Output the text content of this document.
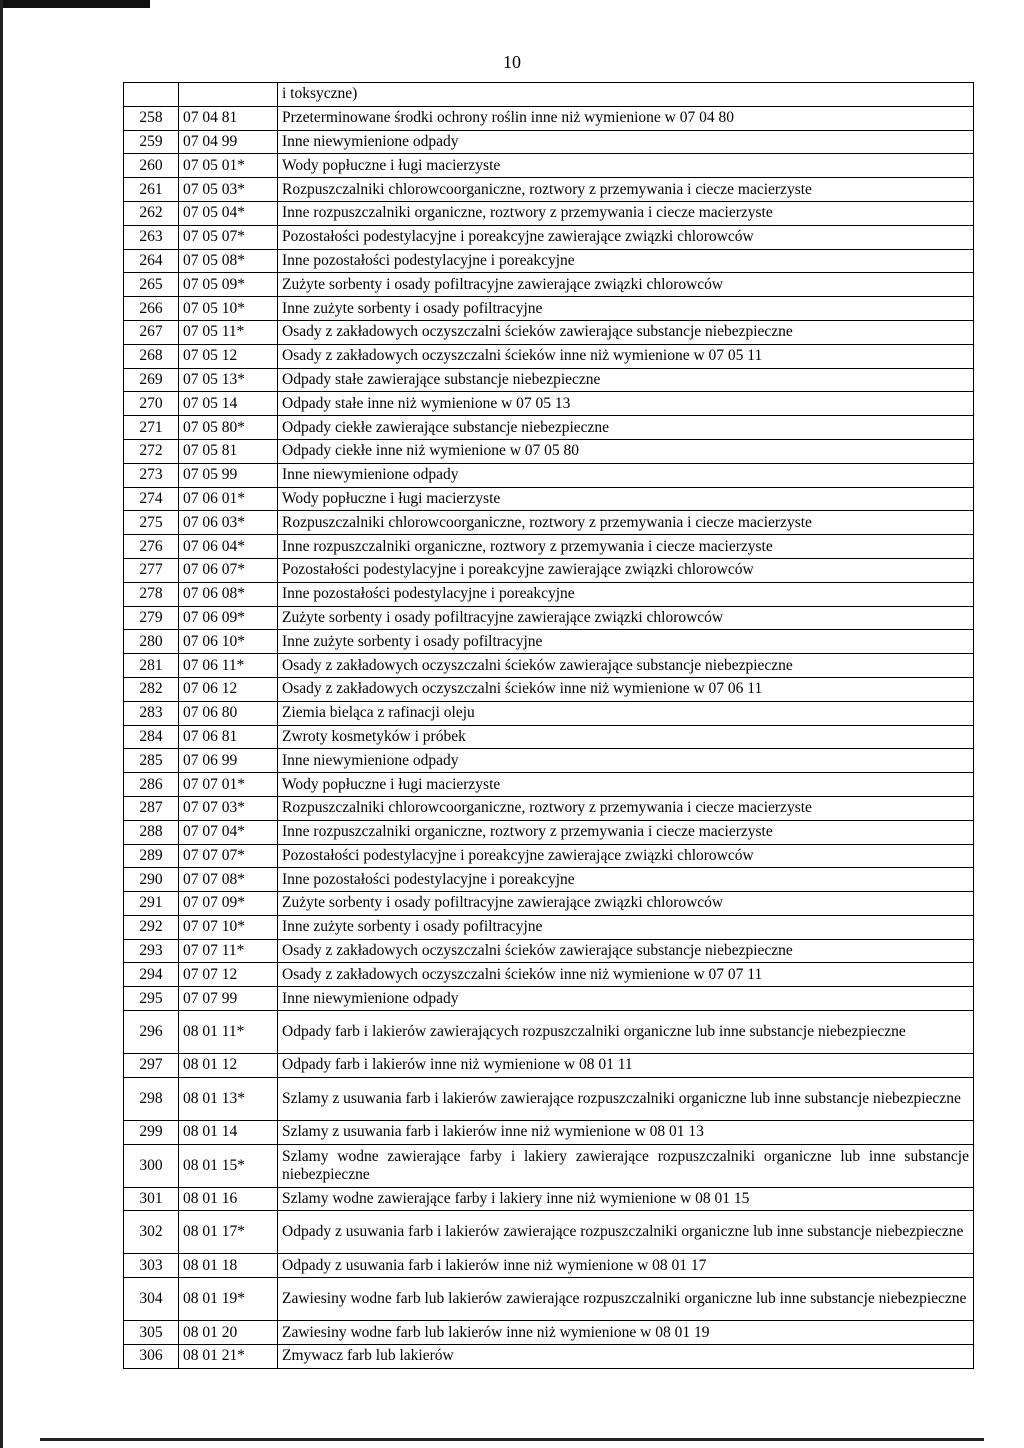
10
		i toksyczne)
258	07 04 81	Przeterminowane środki ochrony roślin inne niż wymienione w 07 04 80
259	07 04 99	Inne niewymienione odpady
260	07 05 01*	Wody popłuczne i ługi macierzyste
261	07 05 03*	Rozpuszczalniki chlorowcoorganiczne, roztwory z przemywania i ciecze macierzyste
262	07 05 04*	Inne rozpuszczalniki organiczne, roztwory z przemywania i ciecze macierzyste
263	07 05 07*	Pozostałości podestylacyjne i poreakcyjne zawierające związki chlorowców
264	07 05 08*	Inne pozostałości podestylacyjne i poreakcyjne
265	07 05 09*	Zużyte sorbenty i osady pofiltracyjne zawierające związki chlorowców
266	07 05 10*	Inne zużyte sorbenty i osady pofiltracyjne
267	07 05 11*	Osady z zakładowych oczyszczalni ścieków zawierające substancje niebezpieczne
268	07 05 12	Osady z zakładowych oczyszczalni ścieków inne niż wymienione w 07 05 11
269	07 05 13*	Odpady stałe zawierające substancje niebezpieczne
270	07 05 14	Odpady stałe inne niż wymienione w 07 05 13
271	07 05 80*	Odpady ciekłe zawierające substancje niebezpieczne
272	07 05 81	Odpady ciekłe inne niż wymienione w 07 05 80
273	07 05 99	Inne niewymienione odpady
274	07 06 01*	Wody popłuczne i ługi macierzyste
275	07 06 03*	Rozpuszczalniki chlorowcoorganiczne, roztwory z przemywania i ciecze macierzyste
276	07 06 04*	Inne rozpuszczalniki organiczne, roztwory z przemywania i ciecze macierzyste
277	07 06 07*	Pozostałości podestylacyjne i poreakcyjne zawierające związki chlorowców
278	07 06 08*	Inne pozostałości podestylacyjne i poreakcyjne
279	07 06 09*	Zużyte sorbenty i osady pofiltracyjne zawierające związki chlorowców
280	07 06 10*	Inne zużyte sorbenty i osady pofiltracyjne
281	07 06 11*	Osady z zakładowych oczyszczalni ścieków zawierające substancje niebezpieczne
282	07 06 12	Osady z zakładowych oczyszczalni ścieków inne niż wymienione w 07 06 11
283	07 06 80	Ziemia bieląca z rafinacji oleju
284	07 06 81	Zwroty kosmetyków i próbek
285	07 06 99	Inne niewymienione odpady
286	07 07 01*	Wody popłuczne i ługi macierzyste
287	07 07 03*	Rozpuszczalniki chlorowcoorganiczne, roztwory z przemywania i ciecze macierzyste
288	07 07 04*	Inne rozpuszczalniki organiczne, roztwory z przemywania i ciecze macierzyste
289	07 07 07*	Pozostałości podestylacyjne i poreakcyjne zawierające związki chlorowców
290	07 07 08*	Inne pozostałości podestylacyjne i poreakcyjne
291	07 07 09*	Zużyte sorbenty i osady pofiltracyjne zawierające związki chlorowców
292	07 07 10*	Inne zużyte sorbenty i osady pofiltracyjne
293	07 07 11*	Osady z zakładowych oczyszczalni ścieków zawierające substancje niebezpieczne
294	07 07 12	Osady z zakładowych oczyszczalni ścieków inne niż wymienione w 07 07 11
295	07 07 99	Inne niewymienione odpady
296	08 01 11*	Odpady farb i lakierów zawierających rozpuszczalniki organiczne lub inne substancje niebezpieczne
297	08 01 12	Odpady farb i lakierów inne niż wymienione w 08 01 11
298	08 01 13*	Szlamy z usuwania farb i lakierów zawierające rozpuszczalniki organiczne lub inne substancje niebezpieczne
299	08 01 14	Szlamy z usuwania farb i lakierów inne niż wymienione w 08 01 13
300	08 01 15*	Szlamy wodne zawierające farby i lakiery zawierające rozpuszczalniki organiczne lub inne substancje niebezpieczne
301	08 01 16	Szlamy wodne zawierające farby i lakiery inne niż wymienione w 08 01 15
302	08 01 17*	Odpady z usuwania farb i lakierów zawierające rozpuszczalniki organiczne lub inne substancje niebezpieczne
303	08 01 18	Odpady z usuwania farb i lakierów inne niż wymienione w 08 01 17
304	08 01 19*	Zawiesiny wodne farb lub lakierów zawierające rozpuszczalniki organiczne lub inne substancje niebezpieczne
305	08 01 20	Zawiesiny wodne farb lub lakierów inne niż wymienione w 08 01 19
306	08 01 21*	Zmywacz farb lub lakierów
